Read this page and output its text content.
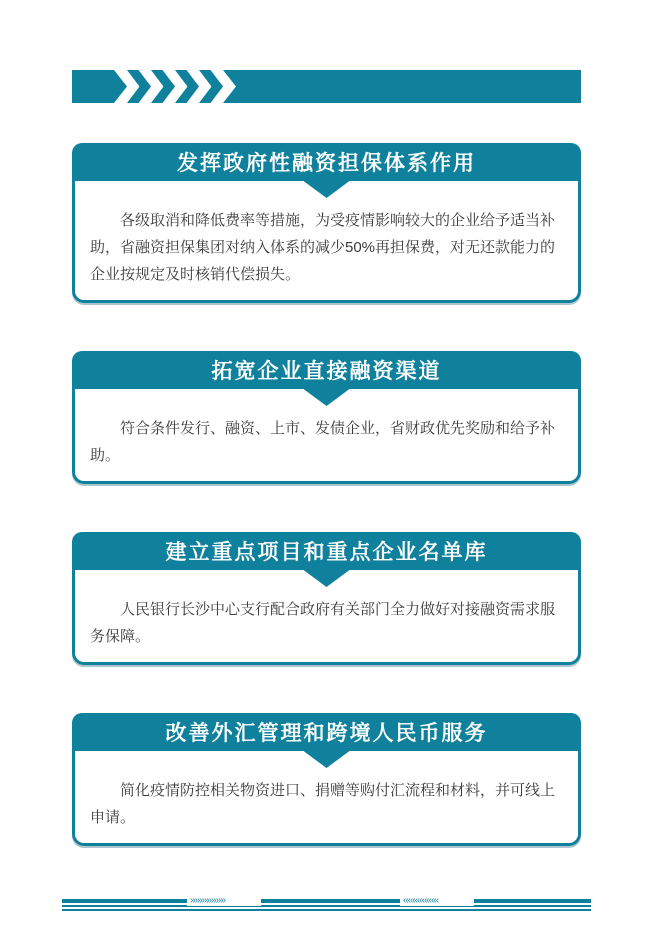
发挥政府性融资担保体系作用

各级取消和降低费率等措施，为受疫情影响较大的企业给予适当补助，省融资担保集团对纳入体系的减少50%再担保费，对无还款能力的企业按规定及时核销代偿损失。

拓宽企业直接融资渠道

符合条件发行、融资、上市、发债企业，省财政优先奖励和给予补助。

建立重点项目和重点企业名单库

人民银行长沙中心支行配合政府有关部门全力做好对接融资需求服务保障。

改善外汇管理和跨境人民币服务

简化疫情防控相关物资进口、捐赠等购付汇流程和材料，并可线上申请。

›››››››››››››››	‹‹‹‹‹‹‹‹‹‹‹‹‹‹‹
